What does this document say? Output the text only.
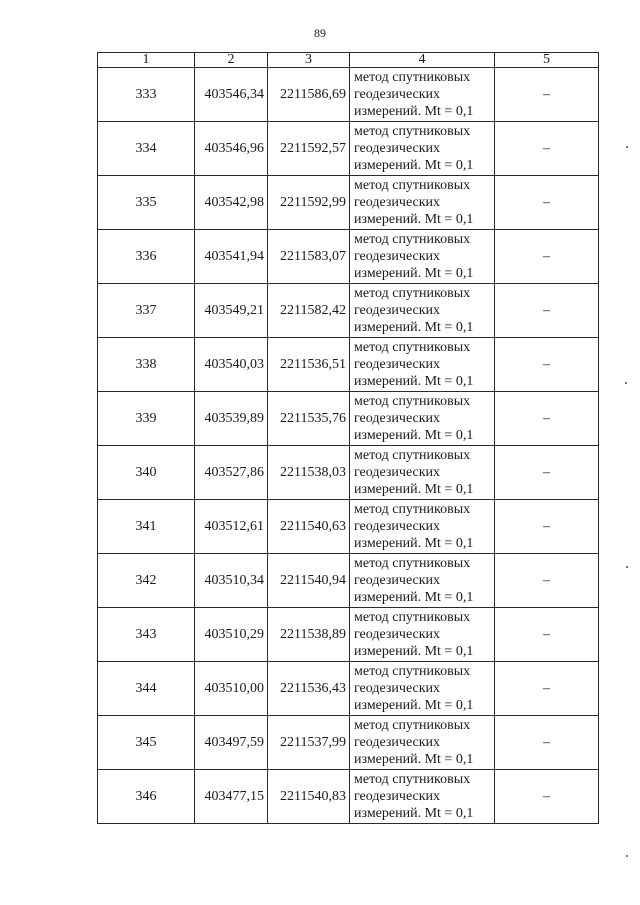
89
1	2	3	4	5
333	403546,34	2211586,69	метод спутниковых
геодезических
измерений. Mt = 0,1	–
334	403546,96	2211592,57	метод спутниковых
геодезических
измерений. Mt = 0,1	–
335	403542,98	2211592,99	метод спутниковых
геодезических
измерений. Mt = 0,1	–
336	403541,94	2211583,07	метод спутниковых
геодезических
измерений. Mt = 0,1	–
337	403549,21	2211582,42	метод спутниковых
геодезических
измерений. Mt = 0,1	–
338	403540,03	2211536,51	метод спутниковых
геодезических
измерений. Mt = 0,1	–
339	403539,89	2211535,76	метод спутниковых
геодезических
измерений. Mt = 0,1	–
340	403527,86	2211538,03	метод спутниковых
геодезических
измерений. Mt = 0,1	–
341	403512,61	2211540,63	метод спутниковых
геодезических
измерений. Mt = 0,1	–
342	403510,34	2211540,94	метод спутниковых
геодезических
измерений. Mt = 0,1	–
343	403510,29	2211538,89	метод спутниковых
геодезических
измерений. Mt = 0,1	–
344	403510,00	2211536,43	метод спутниковых
геодезических
измерений. Mt = 0,1	–
345	403497,59	2211537,99	метод спутниковых
геодезических
измерений. Mt = 0,1	–
346	403477,15	2211540,83	метод спутниковых
геодезических
измерений. Mt = 0,1	–
